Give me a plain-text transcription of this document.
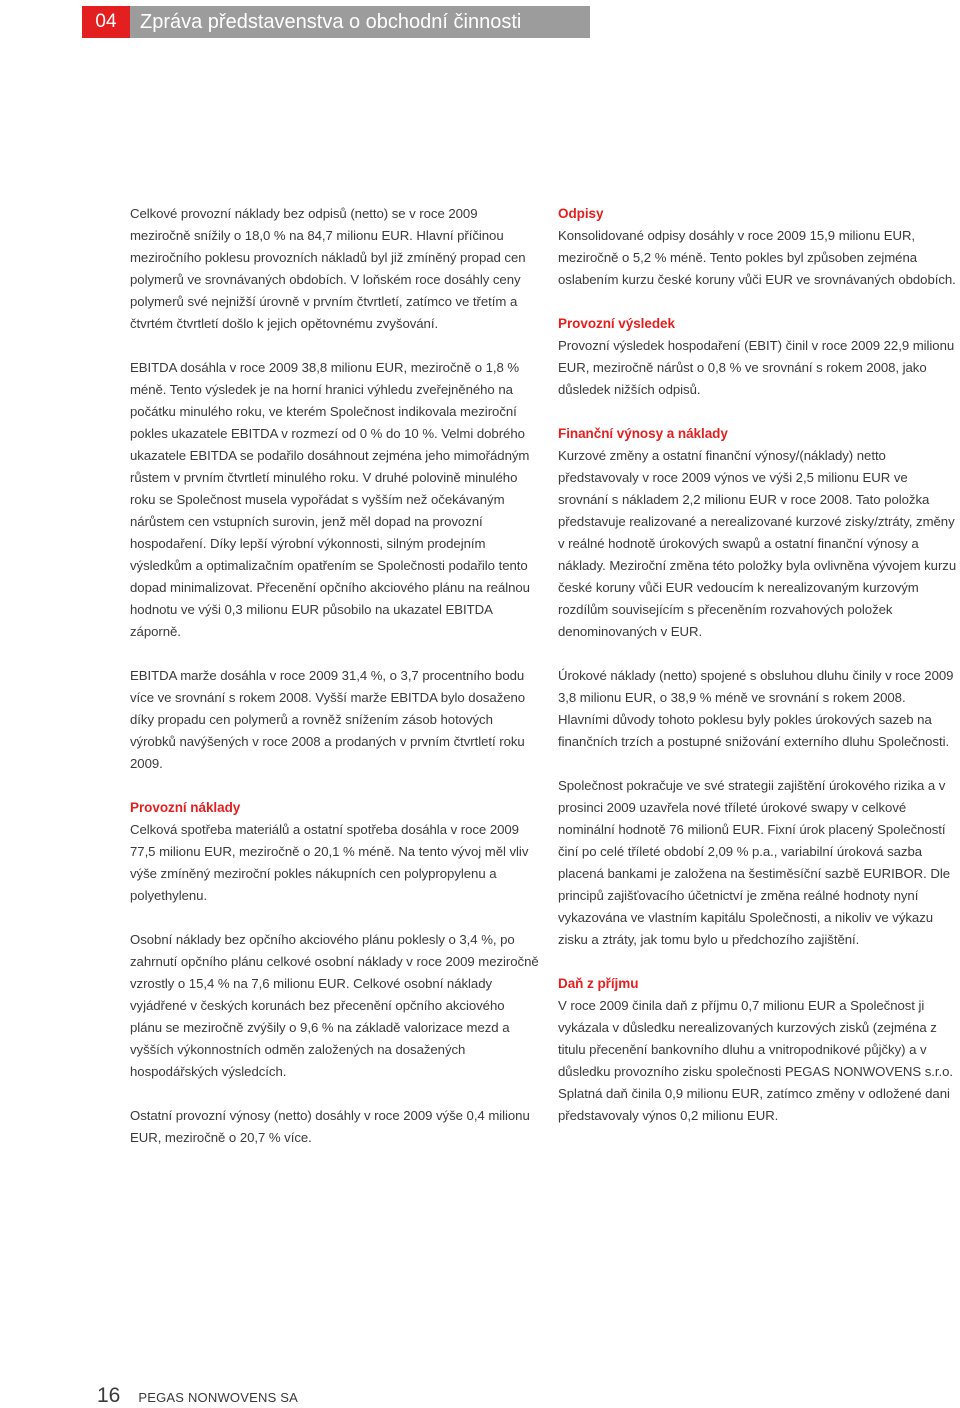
04	Zpráva představenstva o obchodní činnosti

Celkové provozní náklady bez odpisů (netto) se v roce 2009 meziročně snížily o 18,0 % na 84,7 milionu EUR. Hlavní příčinou meziročního poklesu provozních nákladů byl již zmíněný propad cen polymerů ve srovnávaných obdobích. V loňském roce dosáhly ceny polymerů své nejnižší úrovně v prvním čtvrtletí, zatímco ve třetím a čtvrtém čtvrtletí došlo k jejich opětovnému zvyšování.

EBITDA dosáhla v roce 2009 38,8 milionu EUR, meziročně o 1,8 % méně. Tento výsledek je na horní hranici výhledu zveřejněného na počátku minulého roku, ve kterém Společnost indikovala meziroční pokles ukazatele EBITDA v rozmezí od 0 % do 10 %. Velmi dobrého ukazatele EBITDA se podařilo dosáhnout zejména jeho mimořádným růstem v prvním čtvrtletí minulého roku. V druhé polovině minulého roku se Společnost musela vypořádat s vyšším než očekávaným nárůstem cen vstupních surovin, jenž měl dopad na provozní hospodaření. Díky lepší výrobní výkonnosti, silným prodejním výsledkům a optimalizačním opatřením se Společnosti podařilo tento dopad minimalizovat. Přecenění opčního akciového plánu na reálnou hodnotu ve výši 0,3 milionu EUR působilo na ukazatel EBITDA záporně.

EBITDA marže dosáhla v roce 2009 31,4 %, o 3,7 procentního bodu více ve srovnání s rokem 2008. Vyšší marže EBITDA bylo dosaženo díky propadu cen polymerů a rovněž snížením zásob hotových výrobků navýšených v roce 2008 a prodaných v prvním čtvrtletí roku 2009.

Provozní náklady

Celková spotřeba materiálů a ostatní spotřeba dosáhla v roce 2009 77,5 milionu EUR, meziročně o 20,1 % méně. Na tento vývoj měl vliv výše zmíněný meziroční pokles nákupních cen polypropylenu a polyethylenu.

Osobní náklady bez opčního akciového plánu poklesly o 3,4 %, po zahrnutí opčního plánu celkové osobní náklady v roce 2009 meziročně vzrostly o 15,4 % na 7,6 milionu EUR. Celkové osobní náklady vyjádřené v českých korunách bez přecenění opčního akciového plánu se meziročně zvýšily o 9,6 % na základě valorizace mezd a vyšších výkonnostních odměn založených na dosažených hospodářských výsledcích.

Ostatní provozní výnosy (netto) dosáhly v roce 2009 výše 0,4 milionu EUR, meziročně o 20,7 % více.

Odpisy

Konsolidované odpisy dosáhly v roce 2009 15,9 milionu EUR, meziročně o 5,2 % méně. Tento pokles byl způsoben zejména oslabením kurzu české koruny vůči EUR ve srovnávaných obdobích.

Provozní výsledek

Provozní výsledek hospodaření (EBIT) činil v roce 2009 22,9 milionu EUR, meziročně nárůst o 0,8 % ve srovnání s rokem 2008, jako důsledek nižších odpisů.

Finanční výnosy a náklady

Kurzové změny a ostatní finanční výnosy/(náklady) netto představovaly v roce 2009 výnos ve výši 2,5 milionu EUR ve srovnání s nákladem 2,2 milionu EUR v roce 2008. Tato položka představuje realizované a nerealizované kurzové zisky/ztráty, změny v reálné hodnotě úrokových swapů a ostatní finanční výnosy a náklady. Meziroční změna této položky byla ovlivněna vývojem kurzu české koruny vůči EUR vedoucím k nerealizovaným kurzovým rozdílům souvisejícím s přeceněním rozvahových položek denominovaných v EUR.

Úrokové náklady (netto) spojené s obsluhou dluhu činily v roce 2009 3,8 milionu EUR, o 38,9 % méně ve srovnání s rokem 2008. Hlavními důvody tohoto poklesu byly pokles úrokových sazeb na finančních trzích a postupné snižování externího dluhu Společnosti.

Společnost pokračuje ve své strategii zajištění úrokového rizika a v prosinci 2009 uzavřela nové tříleté úrokové swapy v celkové nominální hodnotě 76 milionů EUR. Fixní úrok placený Společností činí po celé tříleté období 2,09 % p.a., variabilní úroková sazba placená bankami je založena na šestiměsíční sazbě EURIBOR. Dle principů zajišťovacího účetnictví je změna reálné hodnoty nyní vykazována ve vlastním kapitálu Společnosti, a nikoliv ve výkazu zisku a ztráty, jak tomu bylo u předchozího zajištění.

Daň z příjmu

V roce 2009 činila daň z příjmu 0,7 milionu EUR a Společnost ji vykázala v důsledku nerealizovaných kurzových zisků (zejména z titulu přecenění bankovního dluhu a vnitropodnikové půjčky) a v důsledku provozního zisku společnosti PEGAS NONWOVENS s.r.o. Splatná daň činila 0,9 milionu EUR, zatímco změny v odložené dani představovaly výnos 0,2 milionu EUR.

16 PEGAS NONWOVENS SA
